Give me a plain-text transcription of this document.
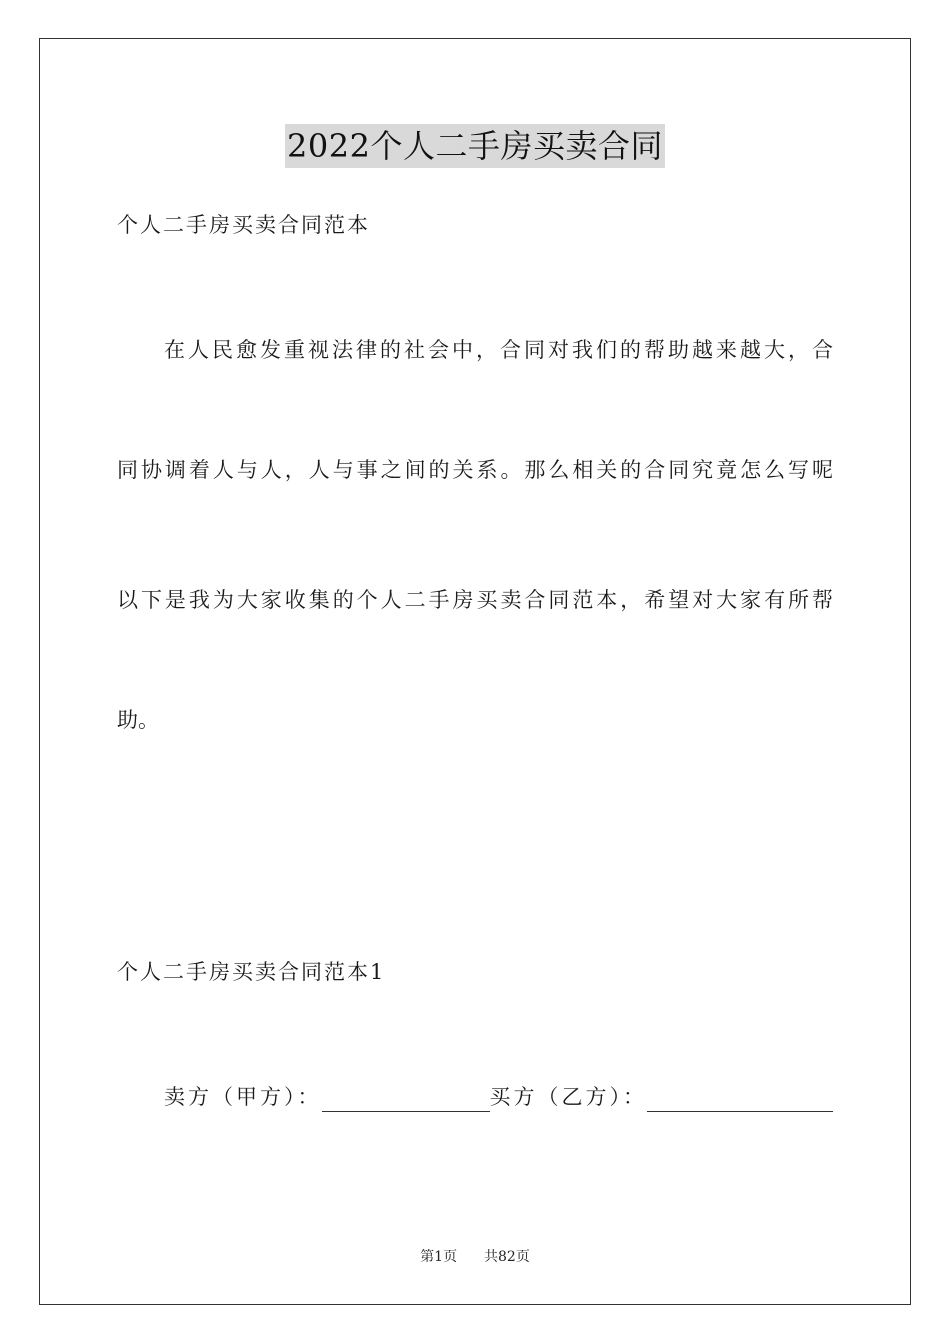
2022个人二手房买卖合同
个人二手房买卖合同范本
在人民愈发重视法律的社会中，合同对我们的帮助越来越大，合
同协调着人与人，人与事之间的关系。那么相关的合同究竟怎么写呢
以下是我为大家收集的个人二手房买卖合同范本，希望对大家有所帮
助。
个人二手房买卖合同范本1
卖方（甲方）：	买方（乙方）：
第1页 共82页
